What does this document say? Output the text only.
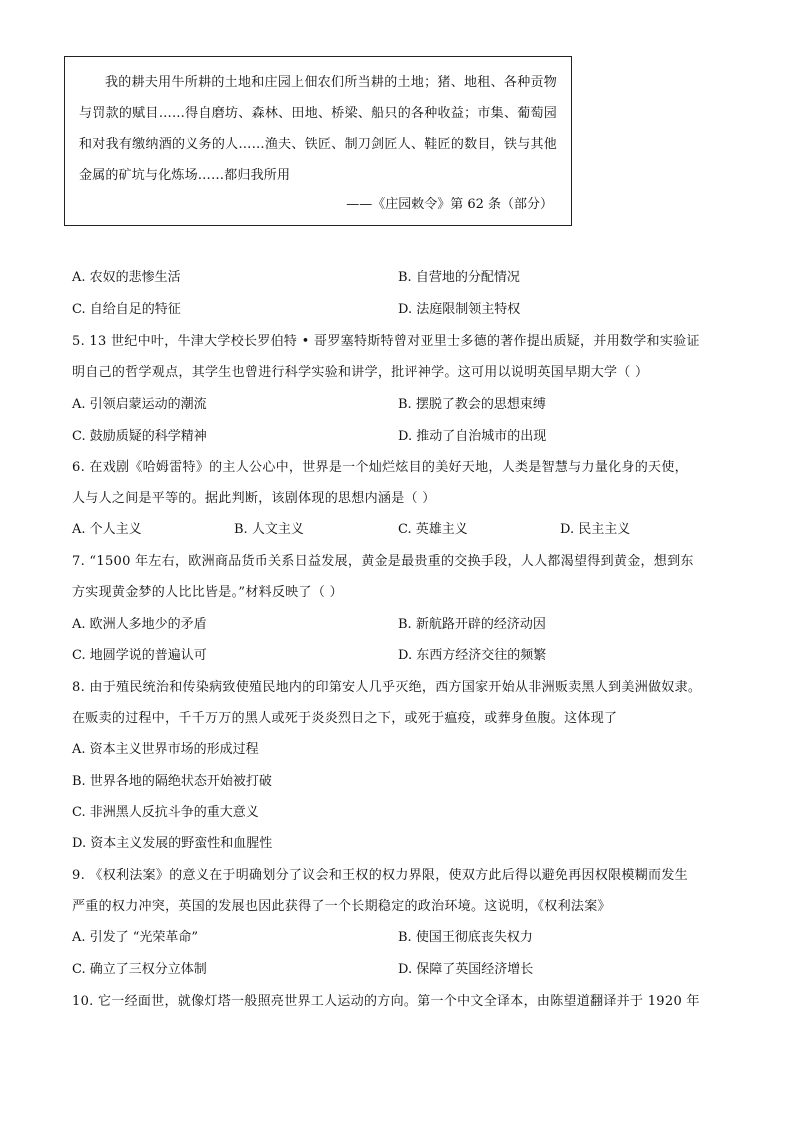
我的耕夫用牛所耕的土地和庄园上佃农们所当耕的土地；猪、地租、各种贡物与罚款的赋目……得自磨坊、森林、田地、桥梁、船只的各种收益；市集、葡萄园和对我有缴纳酒的义务的人……渔夫、铁匠、制刀剑匠人、鞋匠的数目，铁与其他金属的矿坑与化炼场……都归我所用

——《庄园敕令》第 62 条（部分）

A. 农奴的悲惨生活	B. 自营地的分配情况
C. 自给自足的特征	D. 法庭限制领主特权
5. 13 世纪中叶，牛津大学校长罗伯特 • 哥罗塞特斯特曾对亚里士多德的著作提出质疑，并用数学和实验证
明自己的哲学观点，其学生也曾进行科学实验和讲学，批评神学。这可用以说明英国早期大学（ ）
A. 引领启蒙运动的潮流	B. 摆脱了教会的思想束缚
C. 鼓励质疑的科学精神	D. 推动了自治城市的出现
6. 在戏剧《哈姆雷特》的主人公心中，世界是一个灿烂炫目的美好天地，人类是智慧与力量化身的天使，
人与人之间是平等的。据此判断，该剧体现的思想内涵是（ ）
A. 个人主义	B. 人文主义	C. 英雄主义	D. 民主主义
7. “1500 年左右，欧洲商品货币关系日益发展，黄金是最贵重的交换手段，人人都渴望得到黄金，想到东
方实现黄金梦的人比比皆是。”材料反映了（ ）
A. 欧洲人多地少的矛盾	B. 新航路开辟的经济动因
C. 地圆学说的普遍认可	D. 东西方经济交往的频繁
8. 由于殖民统治和传染病致使殖民地内的印第安人几乎灭绝，西方国家开始从非洲贩卖黑人到美洲做奴隶。
在贩卖的过程中，千千万万的黑人或死于炎炎烈日之下，或死于瘟疫，或葬身鱼腹。这体现了
A. 资本主义世界市场的形成过程
B. 世界各地的隔绝状态开始被打破
C. 非洲黑人反抗斗争的重大意义
D. 资本主义发展的野蛮性和血腥性
9. 《权利法案》的意义在于明确划分了议会和王权的权力界限，使双方此后得以避免再因权限模糊而发生
严重的权力冲突，英国的发展也因此获得了一个长期稳定的政治环境。这说明，《权利法案》
A. 引发了 “光荣革命”	B. 使国王彻底丧失权力
C. 确立了三权分立体制	D. 保障了英国经济增长
10. 它一经面世，就像灯塔一般照亮世界工人运动的方向。第一个中文全译本，由陈望道翻译并于 1920 年
